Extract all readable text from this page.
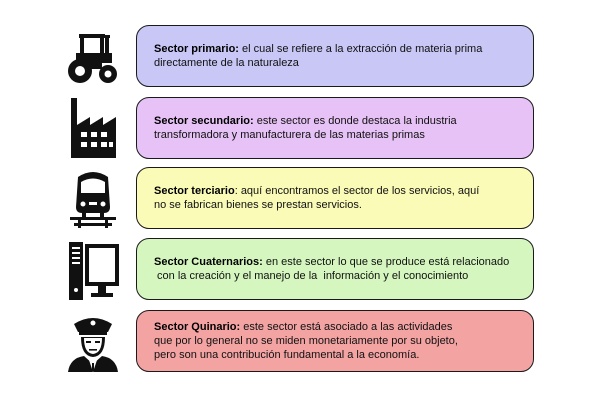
Sector primario: el cual se refiere a la extracción de materia prima
directamente de la naturaleza
Sector secundario: este sector es donde destaca la industria
transformadora y manufacturera de las materias primas
Sector terciario: aquí encontramos el sector de los servicios, aquí
no se fabrican bienes se prestan servicios.
Sector Cuaternarios: en este sector lo que se produce está relacionado
con la creación y el manejo de la  información y el conocimiento
Sector Quinario: este sector está asociado a las actividades
que por lo general no se miden monetariamente por su objeto,
pero son una contribución fundamental a la economía.
